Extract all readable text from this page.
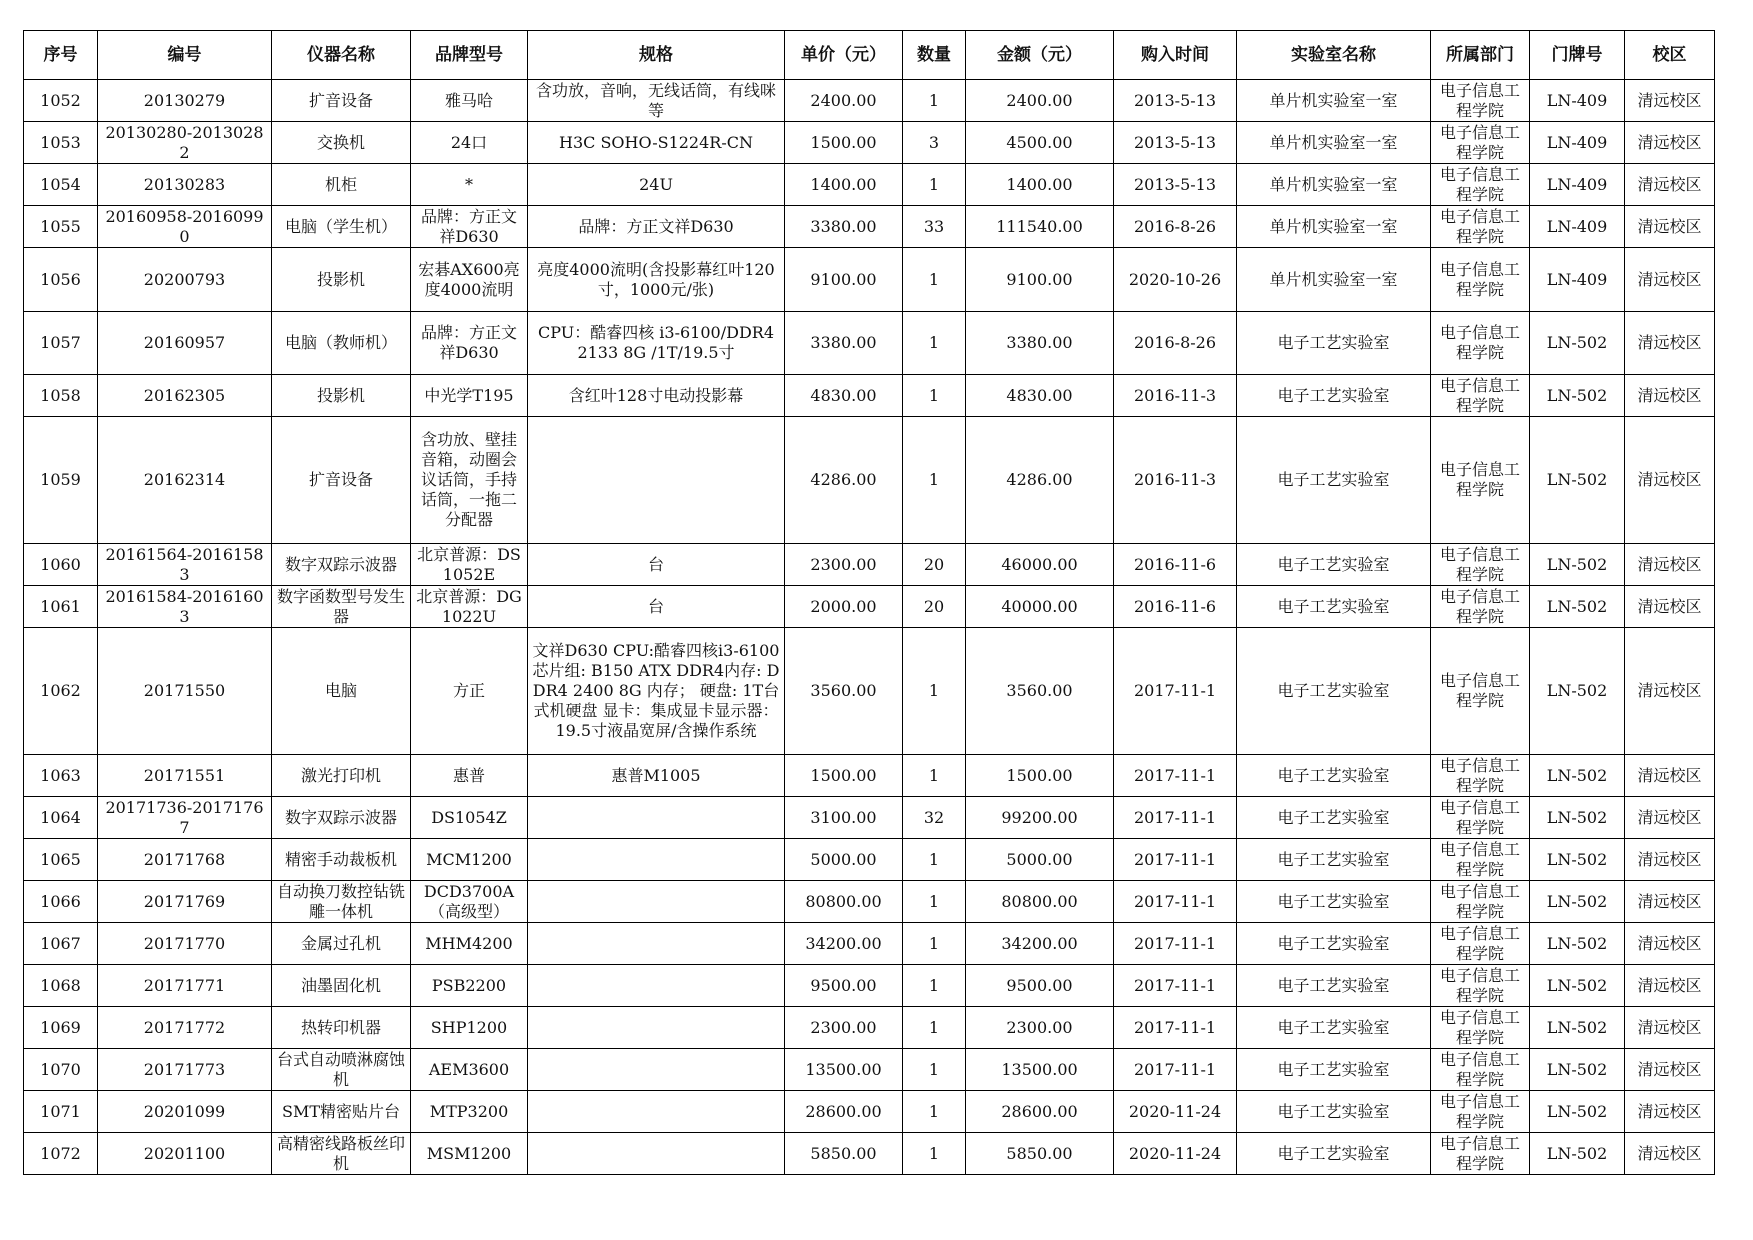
序号	编号	仪器名称	品牌型号	规格	单价（元）	数量	金额（元）	购入时间	实验室名称	所属部门	门牌号	校区

1052	20130279	扩音设备	雅马哈	含功放，音响，无线话筒，有线咪等	2400.00	1	2400.00	2013-5-13	单片机实验室一室	电子信息工程学院	LN-409	清远校区

1053	20130280-20130282	交换机	24口	H3C SOHO-S1224R-CN	1500.00	3	4500.00	2013-5-13	单片机实验室一室	电子信息工程学院	LN-409	清远校区

1054	20130283	机柜	*	24U	1400.00	1	1400.00	2013-5-13	单片机实验室一室	电子信息工程学院	LN-409	清远校区

1055	20160958-20160990	电脑（学生机）	品牌：方正文祥D630	品牌：方正文祥D630	3380.00	33	111540.00	2016-8-26	单片机实验室一室	电子信息工程学院	LN-409	清远校区

1056	20200793	投影机	宏碁AX600亮度4000流明	亮度4000流明(含投影幕红叶120寸，1000元/张)	9100.00	1	9100.00	2020-10-26	单片机实验室一室	电子信息工程学院	LN-409	清远校区

1057	20160957	电脑（教师机）	品牌：方正文祥D630	CPU：酷睿四核 i3-6100/DDR4 2133 8G /1T/19.5寸	3380.00	1	3380.00	2016-8-26	电子工艺实验室	电子信息工程学院	LN-502	清远校区

1058	20162305	投影机	中光学T195	含红叶128寸电动投影幕	4830.00	1	4830.00	2016-11-3	电子工艺实验室	电子信息工程学院	LN-502	清远校区

1059	20162314	扩音设备	含功放、壁挂音箱，动圈会议话筒，手持话筒，一拖二分配器		4286.00	1	4286.00	2016-11-3	电子工艺实验室	电子信息工程学院	LN-502	清远校区

1060	20161564-20161583	数字双踪示波器	北京普源：DS1052E	台	2300.00	20	46000.00	2016-11-6	电子工艺实验室	电子信息工程学院	LN-502	清远校区

1061	20161584-20161603	数字函数型号发生器	北京普源：DG1022U	台	2000.00	20	40000.00	2016-11-6	电子工艺实验室	电子信息工程学院	LN-502	清远校区

1062	20171550	电脑	方正	文祥D630 CPU:酷睿四核i3-6100芯片组: B150 ATX DDR4内存: DDR4 2400 8G 内存； 硬盘: 1T台式机硬盘 显卡：集成显卡显示器：19.5寸液晶宽屏/含操作系统	3560.00	1	3560.00	2017-11-1	电子工艺实验室	电子信息工程学院	LN-502	清远校区

1063	20171551	激光打印机	惠普	惠普M1005	1500.00	1	1500.00	2017-11-1	电子工艺实验室	电子信息工程学院	LN-502	清远校区

1064	20171736-20171767	数字双踪示波器	DS1054Z		3100.00	32	99200.00	2017-11-1	电子工艺实验室	电子信息工程学院	LN-502	清远校区

1065	20171768	精密手动裁板机	MCM1200		5000.00	1	5000.00	2017-11-1	电子工艺实验室	电子信息工程学院	LN-502	清远校区

1066	20171769	自动换刀数控钻铣雕一体机	DCD3700A（高级型）		80800.00	1	80800.00	2017-11-1	电子工艺实验室	电子信息工程学院	LN-502	清远校区

1067	20171770	金属过孔机	MHM4200		34200.00	1	34200.00	2017-11-1	电子工艺实验室	电子信息工程学院	LN-502	清远校区

1068	20171771	油墨固化机	PSB2200		9500.00	1	9500.00	2017-11-1	电子工艺实验室	电子信息工程学院	LN-502	清远校区

1069	20171772	热转印机器	SHP1200		2300.00	1	2300.00	2017-11-1	电子工艺实验室	电子信息工程学院	LN-502	清远校区

1070	20171773	台式自动喷淋腐蚀机	AEM3600		13500.00	1	13500.00	2017-11-1	电子工艺实验室	电子信息工程学院	LN-502	清远校区

1071	20201099	SMT精密贴片台	MTP3200		28600.00	1	28600.00	2020-11-24	电子工艺实验室	电子信息工程学院	LN-502	清远校区

1072	20201100	高精密线路板丝印机	MSM1200		5850.00	1	5850.00	2020-11-24	电子工艺实验室	电子信息工程学院	LN-502	清远校区
